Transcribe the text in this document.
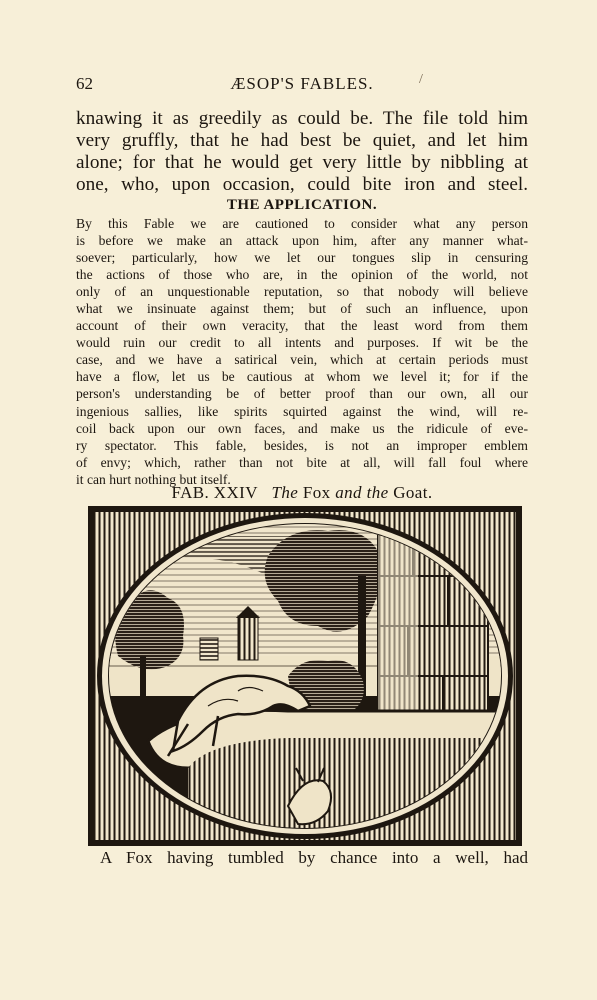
62	ÆSOP'S FABLES.	/

knawing it as greedily as could be. The file told him
very gruffly, that he had best be quiet, and let him
alone; for that he would get very little by nibbling at
one, who, upon occasion, could bite iron and steel.

THE APPLICATION.

By this Fable we are cautioned to consider what any person
is before we make an attack upon him, after any manner what-
soever; particularly, how we let our tongues slip in censuring
the actions of those who are, in the opinion of the world, not
only of an unquestionable reputation, so that nobody will believe
what we insinuate against them; but of such an influence, upon
account of their own veracity, that the least word from them
would ruin our credit to all intents and purposes. If wit be the
case, and we have a satirical vein, which at certain periods must
have a flow, let us be cautious at whom we level it; for if the
person's understanding be of better proof than our own, all our
ingenious sallies, like spirits squirted against the wind, will re-
coil back upon our own faces, and make us the ridicule of eve-
ry spectator. This fable, besides, is not an improper emblem
of envy; which, rather than not bite at all, will fall foul where
it can hurt nothing but itself.

FAB. XXIV The Fox and the Goat.
A Fox having tumbled by chance into a well, had
